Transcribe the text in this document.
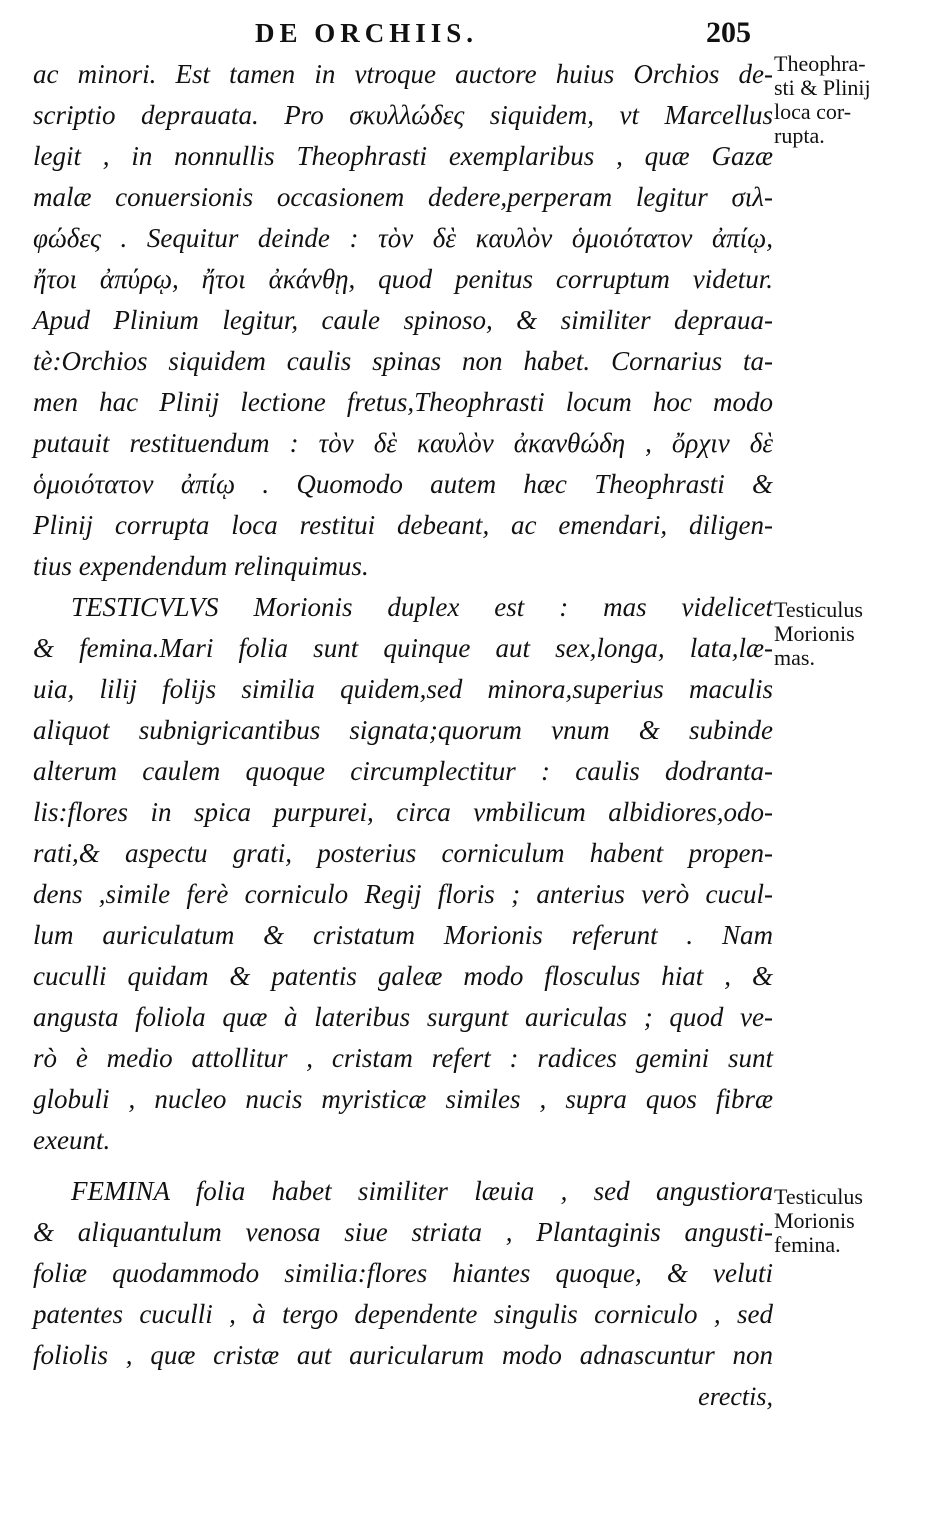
DE ORCHIIS.	205
ac minori. Est tamen in vtroque auctore huius Orchios de-
scriptio deprauata. Pro σκυλλώδες siquidem, vt Marcellus
legit , in nonnullis Theophrasti exemplaribus , quæ Gazæ
malæ conuersionis occasionem dedere,perperam legitur σιλ-
φώδες . Sequitur deinde : τὸν δὲ καυλὸν ὁμοιότατον ἀπίῳ,
ἤτοι ἀπύρῳ, ἤτοι ἀκάνθῃ, quod penitus corruptum videtur.
Apud Plinium legitur, caule spinoso, & similiter deprauа-
tè:Orchios siquidem caulis spinas non habet. Cornarius ta-
men hac Plinij lectione fretus,Theophrasti locum hoc modo
putauit restituendum : τὸν δὲ καυλὸν ἀκανθώδη , ὄρχιν δὲ
ὁμοιότατον ἀπίῳ . Quomodo autem hæc Theophrasti &
Plinij corrupta loca restitui debeant, ac emendari, diligen-
tius expendendum relinquimus.
TESTICVLVS Morionis duplex est : mas videlicet
& femina.Mari folia sunt quinque aut sex,longa, lata,læ-
uia, lilij folijs similia quidem,sed minora,superius maculis
aliquot subnigricantibus signata;quorum vnum & subinde
alterum caulem quoque circumplectitur : caulis dodranta-
lis:flores in spica purpurei, circa vmbilicum albidiores,odo-
rati,& aspectu grati, posterius corniculum habent propen-
dens ,simile ferè corniculo Regij floris ; anterius verò cucul-
lum auriculatum & cristatum Morionis referunt . Nam
cuculli quidam & patentis galeæ modo flosculus hiat , &
angusta foliola quæ à lateribus surgunt auriculas ; quod ve-
rò è medio attollitur , cristam refert : radices gemini sunt
globuli , nucleo nucis myristicæ similes , supra quos fibræ
exeunt.
FEMINA folia habet similiter læuia , sed angustiora
& aliquantulum venosa siue striata , Plantaginis angusti-
foliæ quodammodo similia:flores hiantes quoque, & veluti
patentes cuculli , à tergo dependente singulis corniculo , sed
foliolis , quæ cristæ aut auricularum modo adnascuntur non
erectis,
Theophra-
sti & Plinij
loca cor-
rupta.
Testiculus
Morionis
mas.
Testiculus
Morionis
femina.
